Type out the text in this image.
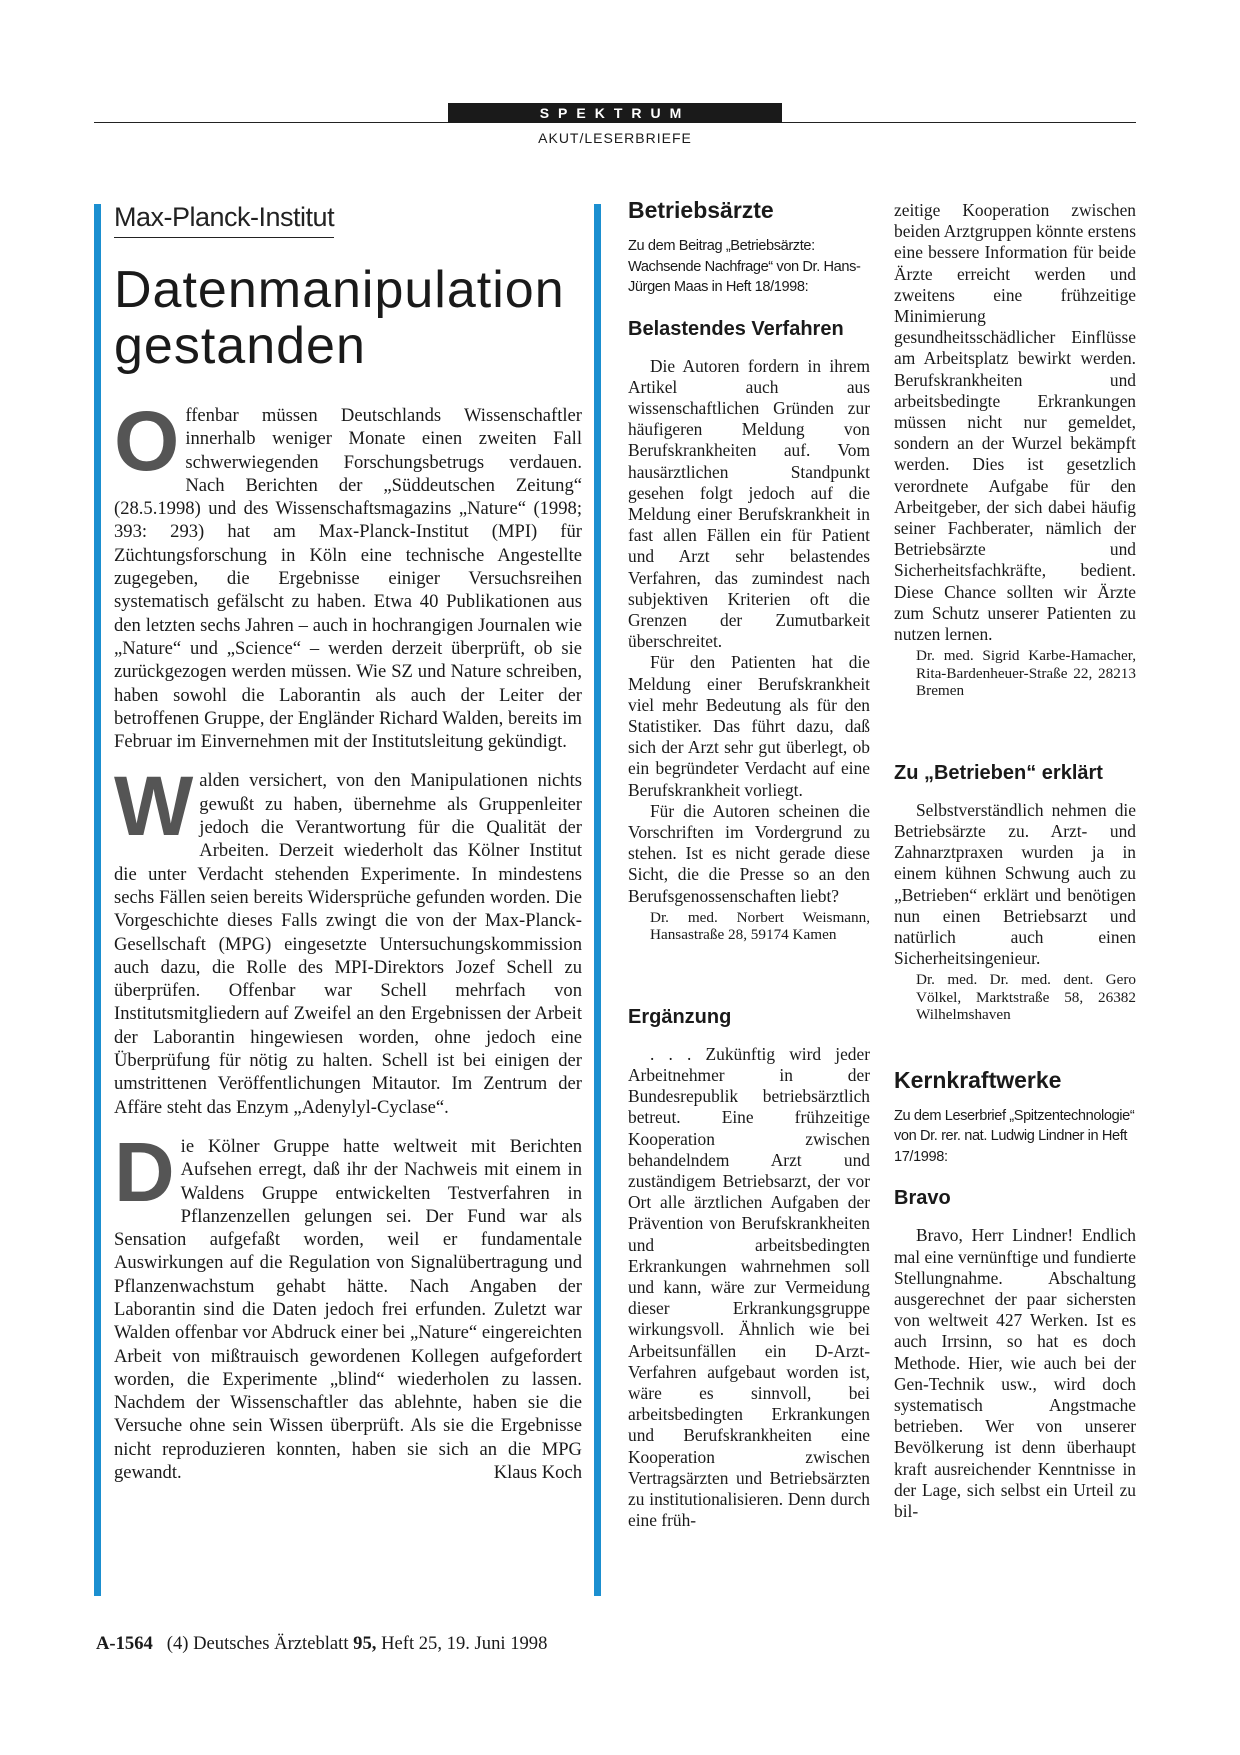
SPEKTRUM
AKUT/LESERBRIEFE
Max-Planck-Institut
Datenmanipulation
gestanden

Offenbar müssen Deutschlands Wissenschaftler innerhalb weniger Monate einen zweiten Fall schwerwiegenden Forschungsbetrugs verdauen. Nach Berichten der „Süddeutschen Zeitung“ (28.5.1998) und des Wissenschaftsmagazins „Nature“ (1998; 393: 293) hat am Max-Planck-Institut (MPI) für Züchtungsforschung in Köln eine technische Angestellte zugegeben, die Ergebnisse einiger Versuchsreihen systematisch gefälscht zu haben. Etwa 40 Publikationen aus den letzten sechs Jahren – auch in hochrangigen Journalen wie „Nature“ und „Science“ – werden derzeit überprüft, ob sie zurückgezogen werden müssen. Wie SZ und Nature schreiben, haben sowohl die Laborantin als auch der Leiter der betroffenen Gruppe, der Engländer Richard Walden, bereits im Februar im Einvernehmen mit der Institutsleitung gekündigt.

Walden versichert, von den Manipulationen nichts gewußt zu haben, übernehme als Gruppenleiter jedoch die Verantwortung für die Qualität der Arbeiten. Derzeit wiederholt das Kölner Institut die unter Verdacht stehenden Experimente. In mindestens sechs Fällen seien bereits Widersprüche gefunden worden. Die Vorgeschichte dieses Falls zwingt die von der Max-Planck-Gesellschaft (MPG) eingesetzte Untersuchungskommission auch dazu, die Rolle des MPI-Direktors Jozef Schell zu überprüfen. Offenbar war Schell mehrfach von Institutsmitgliedern auf Zweifel an den Ergebnissen der Arbeit der Laborantin hingewiesen worden, ohne jedoch eine Überprüfung für nötig zu halten. Schell ist bei einigen der umstrittenen Veröffentlichungen Mitautor. Im Zentrum der Affäre steht das Enzym „Adenylyl-Cyclase“.

Die Kölner Gruppe hatte weltweit mit Berichten Aufsehen erregt, daß ihr der Nachweis mit einem in Waldens Gruppe entwickelten Testverfahren in Pflanzenzellen gelungen sei. Der Fund war als Sensation aufgefaßt worden, weil er fundamentale Auswirkungen auf die Regulation von Signalübertragung und Pflanzenwachstum gehabt hätte. Nach Angaben der Laborantin sind die Daten jedoch frei erfunden. Zuletzt war Walden offenbar vor Abdruck einer bei „Nature“ eingereichten Arbeit von mißtrauisch gewordenen Kollegen aufgefordert worden, die Experimente „blind“ wiederholen zu lassen. Nachdem der Wissenschaftler das ablehnte, haben sie die Versuche ohne sein Wissen überprüft. Als sie die Ergebnisse nicht reproduzieren konnten, haben sie sich an die MPG gewandt.	Klaus Koch

Betriebsärzte

Zu dem Beitrag „Betriebsärzte: Wachsende Nachfrage“ von Dr. Hans-Jürgen Maas in Heft 18/1998:

Belastendes Verfahren

Die Autoren fordern in ihrem Artikel auch aus wissenschaftlichen Gründen zur häufigeren Meldung von Berufskrankheiten auf. Vom hausärztlichen Standpunkt gesehen folgt jedoch auf die Meldung einer Berufskrankheit in fast allen Fällen ein für Patient und Arzt sehr belastendes Verfahren, das zumindest nach subjektiven Kriterien oft die Grenzen der Zumutbarkeit überschreitet.

Für den Patienten hat die Meldung einer Berufskrankheit viel mehr Bedeutung als für den Statistiker. Das führt dazu, daß sich der Arzt sehr gut überlegt, ob ein begründeter Verdacht auf eine Berufskrankheit vorliegt.

Für die Autoren scheinen die Vorschriften im Vordergrund zu stehen. Ist es nicht gerade diese Sicht, die die Presse so an den Berufsgenossenschaften liebt?

Dr. med. Norbert Weismann, Hansastraße 28, 59174 Kamen

Ergänzung

. . . Zukünftig wird jeder Arbeitnehmer in der Bundesrepublik betriebsärztlich betreut. Eine frühzeitige Kooperation zwischen behandelndem Arzt und zuständigem Betriebsarzt, der vor Ort alle ärztlichen Aufgaben der Prävention von Berufskrankheiten und arbeitsbedingten Erkrankungen wahrnehmen soll und kann, wäre zur Vermeidung dieser Erkrankungsgruppe wirkungsvoll. Ähnlich wie bei Arbeitsunfällen ein D-Arzt-Verfahren aufgebaut worden ist, wäre es sinnvoll, bei arbeitsbedingten Erkrankungen und Berufskrankheiten eine Kooperation zwischen Vertragsärzten und Betriebsärzten zu institutionalisieren. Denn durch eine früh-

zeitige Kooperation zwischen beiden Arztgruppen könnte erstens eine bessere Information für beide Ärzte erreicht werden und zweitens eine frühzeitige Minimierung gesundheitsschädlicher Einflüsse am Arbeitsplatz bewirkt werden. Berufskrankheiten und arbeitsbedingte Erkrankungen müssen nicht nur gemeldet, sondern an der Wurzel bekämpft werden. Dies ist gesetzlich verordnete Aufgabe für den Arbeitgeber, der sich dabei häufig seiner Fachberater, nämlich der Betriebsärzte und Sicherheitsfachkräfte, bedient. Diese Chance sollten wir Ärzte zum Schutz unserer Patienten zu nutzen lernen.

Dr. med. Sigrid Karbe-Hamacher, Rita-Bardenheuer-Straße 22, 28213 Bremen

Zu „Betrieben“ erklärt

Selbstverständlich nehmen die Betriebsärzte zu. Arzt- und Zahnarztpraxen wurden ja in einem kühnen Schwung auch zu „Betrieben“ erklärt und benötigen nun einen Betriebsarzt und natürlich auch einen Sicherheitsingenieur.

Dr. med. Dr. med. dent. Gero Völkel, Marktstraße 58, 26382 Wilhelmshaven

Kernkraftwerke

Zu dem Leserbrief „Spitzentechnologie“ von Dr. rer. nat. Ludwig Lindner in Heft 17/1998:

Bravo

Bravo, Herr Lindner! Endlich mal eine vernünftige und fundierte Stellungnahme. Abschaltung ausgerechnet der paar sichersten von weltweit 427 Werken. Ist es auch Irrsinn, so hat es doch Methode. Hier, wie auch bei der Gen-Technik usw., wird doch systematisch Angstmache betrieben. Wer von unserer Bevölkerung ist denn überhaupt kraft ausreichender Kenntnisse in der Lage, sich selbst ein Urteil zu bil-

A-1564 (4) Deutsches Ärzteblatt 95, Heft 25, 19. Juni 1998
